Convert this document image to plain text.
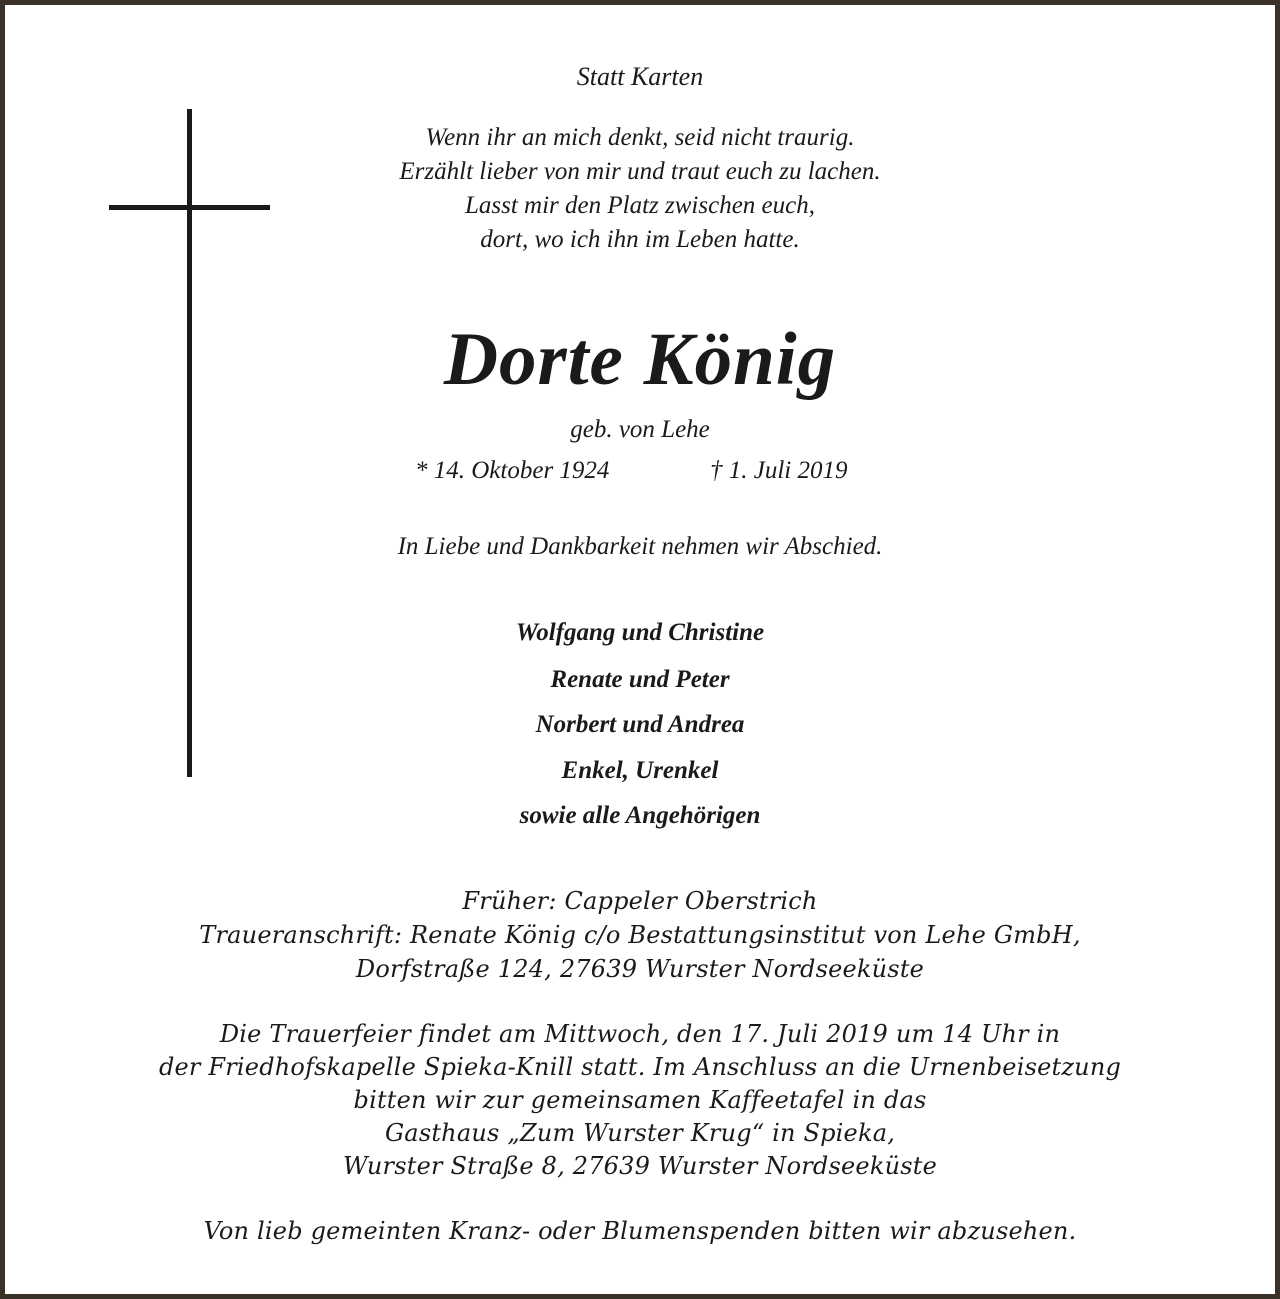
Statt Karten
Wenn ihr an mich denkt, seid nicht traurig.
Erzählt lieber von mir und traut euch zu lachen.
Lasst mir den Platz zwischen euch,
dort, wo ich ihn im Leben hatte.
Dorte König
geb. von Lehe
* 14. Oktober 1924	† 1. Juli 2019
In Liebe und Dankbarkeit nehmen wir Abschied.
Wolfgang und Christine
Renate und Peter
Norbert und Andrea
Enkel, Urenkel
sowie alle Angehörigen
Früher: Cappeler Oberstrich
Traueranschrift: Renate König c/o Bestattungsinstitut von Lehe GmbH,
Dorfstraße 124, 27639 Wurster Nordseeküste
Die Trauerfeier findet am Mittwoch, den 17. Juli 2019 um 14 Uhr in
der Friedhofskapelle Spieka-Knill statt. Im Anschluss an die Urnenbeisetzung
bitten wir zur gemeinsamen Kaffeetafel in das
Gasthaus „Zum Wurster Krug“ in Spieka,
Wurster Straße 8, 27639 Wurster Nordseeküste
Von lieb gemeinten Kranz- oder Blumenspenden bitten wir abzusehen.
